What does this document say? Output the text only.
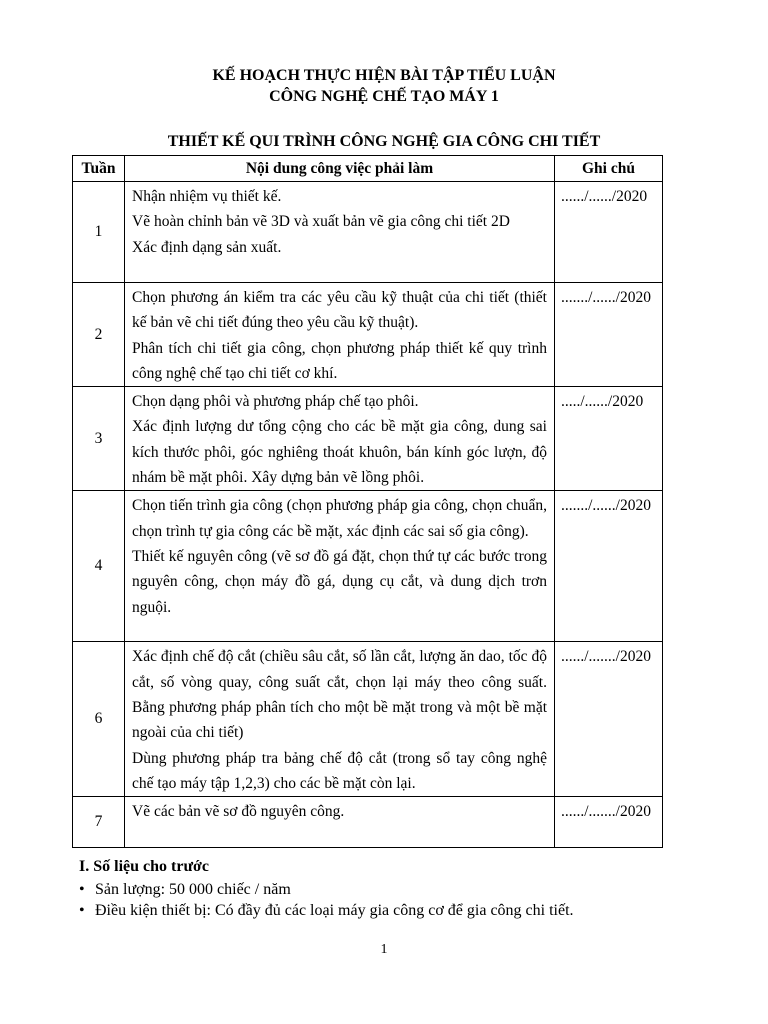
KẾ HOẠCH THỰC HIỆN BÀI TẬP TIỂU LUẬN
CÔNG NGHỆ CHẾ TẠO MÁY 1
THIẾT KẾ QUI TRÌNH CÔNG NGHỆ GIA CÔNG CHI TIẾT
Tuần	Nội dung công việc phải làm	Ghi chú
1	Nhận nhiệm vụ thiết kế.
Vẽ hoàn chỉnh bản vẽ 3D và xuất bản vẽ gia công chi tiết 2D
Xác định dạng sản xuất.	....../....../2020
2	Chọn phương án kiểm tra các yêu cầu kỹ thuật của chi tiết (thiết kế bản vẽ chi tiết đúng theo yêu cầu kỹ thuật).
Phân tích chi tiết gia công, chọn phương pháp thiết kế quy trình công nghệ chế tạo chi tiết cơ khí.	......./....../2020
3	Chọn dạng phôi và phương pháp chế tạo phôi.
Xác định lượng dư tổng cộng cho các bề mặt gia công, dung sai kích thước phôi, góc nghiêng thoát khuôn, bán kính góc lượn, độ nhám bề mặt phôi. Xây dựng bản vẽ lồng phôi.	...../....../2020
4	Chọn tiến trình gia công (chọn phương pháp gia công, chọn chuẩn, chọn trình tự gia công các bề mặt, xác định các sai số gia công).
Thiết kế nguyên công (vẽ sơ đồ gá đặt, chọn thứ tự các bước trong nguyên công, chọn máy đồ gá, dụng cụ cắt, và dung dịch trơn nguội.	......./....../2020
6	Xác định chế độ cắt (chiều sâu cắt, số lần cắt, lượng ăn dao, tốc độ cắt, số vòng quay, công suất cắt, chọn lại máy theo công suất. Bằng phương pháp phân tích cho một bề mặt trong và một bề mặt ngoài của chi tiết)
Dùng phương pháp tra bảng chế độ cắt (trong sổ tay công nghệ chế tạo máy tập 1,2,3) cho các bề mặt còn lại.	....../......./2020
7	Vẽ các bản vẽ sơ đồ nguyên công.	....../......./2020
I. Số liệu cho trước
• Sản lượng: 50 000 chiếc / năm
• Điều kiện thiết bị: Có đầy đủ các loại máy gia công cơ để gia công chi tiết.
1
